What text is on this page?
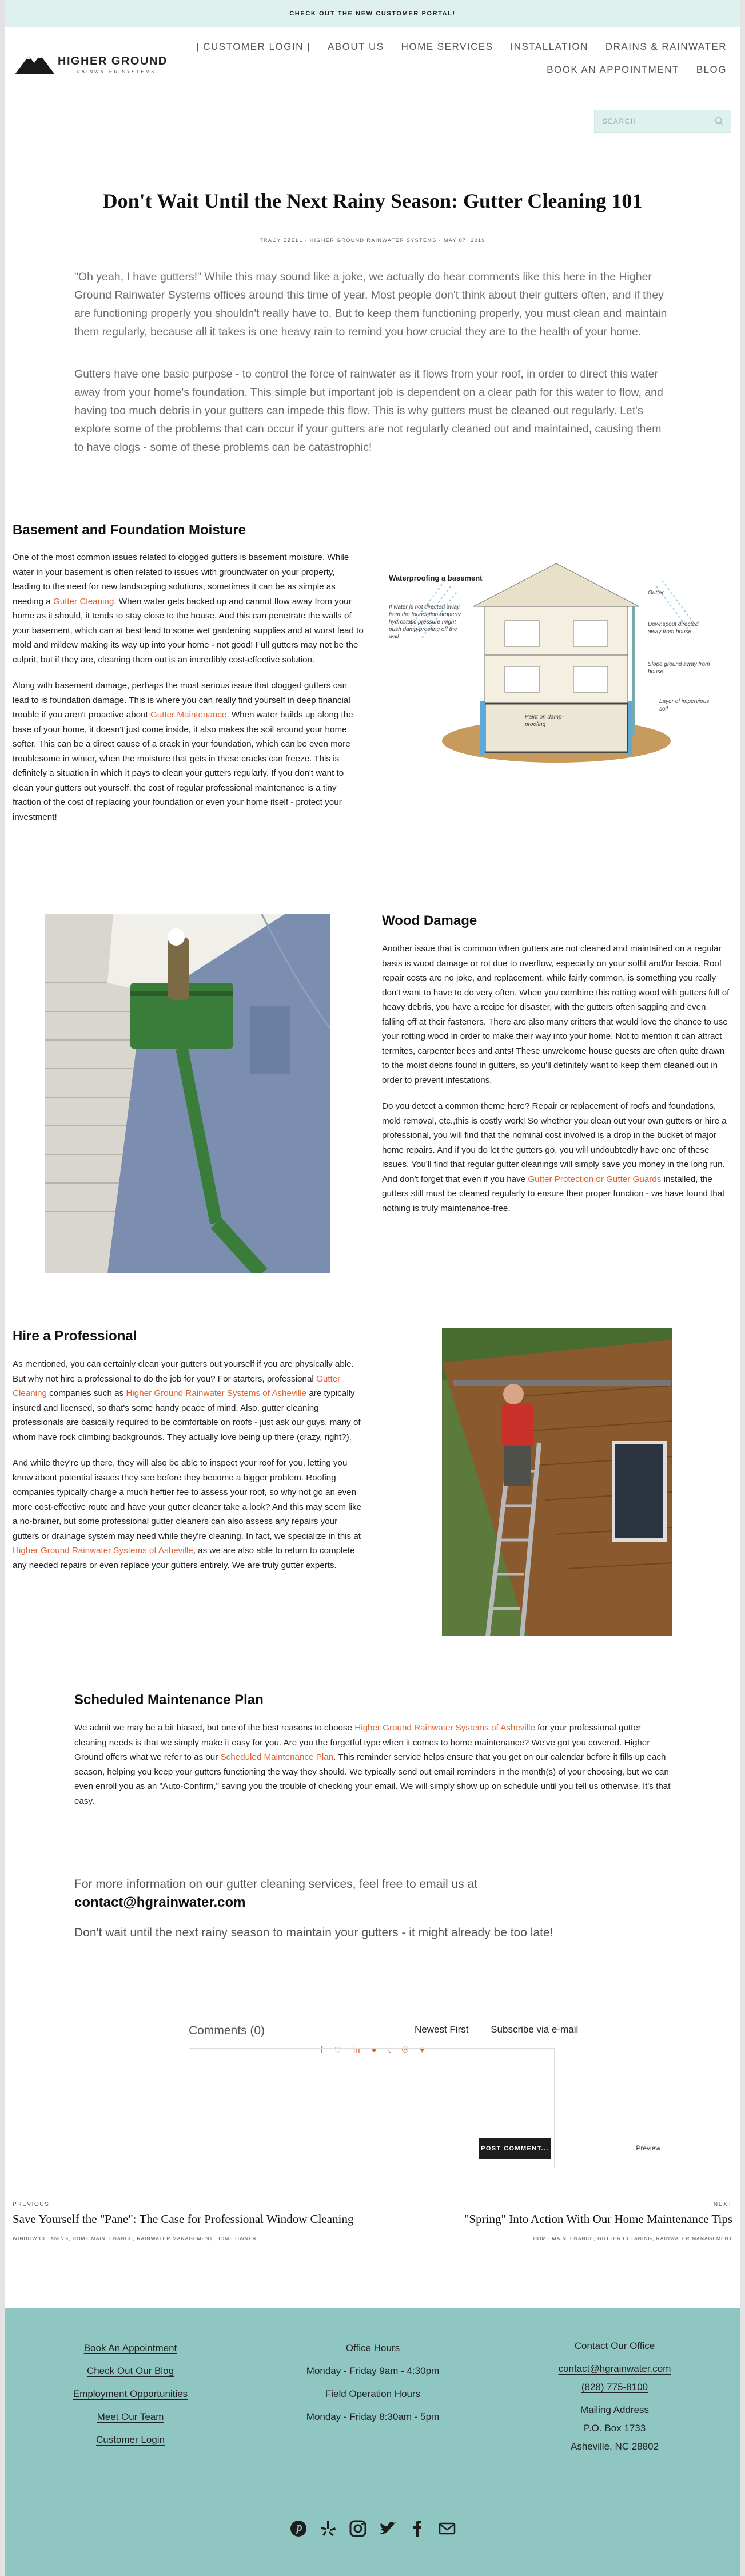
CHECK OUT THE NEW CUSTOMER PORTAL!
HIGHER GROUND
RAINWATER SYSTEMS
| CUSTOMER LOGIN | ABOUT US HOME SERVICES INSTALLATION DRAINS & RAINWATER
BOOK AN APPOINTMENT BLOG
SEARCH
Don't Wait Until the Next Rainy Season: Gutter Cleaning 101
TRACY EZELL · HIGHER GROUND RAINWATER SYSTEMS · MAY 07, 2019

"Oh yeah, I have gutters!" While this may sound like a joke, we actually do hear comments like this here in the Higher Ground Rainwater Systems offices around this time of year. Most people don't think about their gutters often, and if they are functioning properly you shouldn't really have to. But to keep them functioning properly, you must clean and maintain them regularly, because all it takes is one heavy rain to remind you how crucial they are to the health of your home.

Gutters have one basic purpose - to control the force of rainwater as it flows from your roof, in order to direct this water away from your home's foundation. This simple but important job is dependent on a clear path for this water to flow, and having too much debris in your gutters can impede this flow. This is why gutters must be cleaned out regularly. Let's explore some of the problems that can occur if your gutters are not regularly cleaned out and maintained, causing them to have clogs - some of these problems can be catastrophic!

Basement and Foundation Moisture

One of the most common issues related to clogged gutters is basement moisture. While water in your basement is often related to issues with groundwater on your property, leading to the need for new landscaping solutions, sometimes it can be as simple as needing a Gutter Cleaning. When water gets backed up and cannot flow away from your home as it should, it tends to stay close to the house. And this can penetrate the walls of your basement, which can at best lead to some wet gardening supplies and at worst lead to mold and mildew making its way up into your home - not good! Full gutters may not be the culprit, but if they are, cleaning them out is an incredibly cost-effective solution.

Along with basement damage, perhaps the most serious issue that clogged gutters can lead to is foundation damage. This is where you can really find yourself in deep financial trouble if you aren't proactive about Gutter Maintenance. When water builds up along the base of your home, it doesn't just come inside, it also makes the soil around your home softer. This can be a direct cause of a crack in your foundation, which can be even more troublesome in winter, when the moisture that gets in these cracks can freeze. This is definitely a situation in which it pays to clean your gutters regularly. If you don't want to clean your gutters out yourself, the cost of regular professional maintenance is a tiny fraction of the cost of replacing your foundation or even your home itself - protect your investment!

Waterproofing a basement
If water is not directed away from the foundation property hydrostatic pressure might push damp-proofing off the wall.
Gutter
Downspout directed away from house
Slope ground away from house.
Paint on damp-proofing
Layer of impervious soil
Wood Damage

Another issue that is common when gutters are not cleaned and maintained on a regular basis is wood damage or rot due to overflow, especially on your soffit and/or fascia. Roof repair costs are no joke, and replacement, while fairly common, is something you really don't want to have to do very often. When you combine this rotting wood with gutters full of heavy debris, you have a recipe for disaster, with the gutters often sagging and even falling off at their fasteners. There are also many critters that would love the chance to use your rotting wood in order to make their way into your home. Not to mention it can attract termites, carpenter bees and ants! These unwelcome house guests are often quite drawn to the moist debris found in gutters, so you'll definitely want to keep them cleaned out in order to prevent infestations.

Do you detect a common theme here? Repair or replacement of roofs and foundations, mold removal, etc.,this is costly work! So whether you clean out your own gutters or hire a professional, you will find that the nominal cost involved is a drop in the bucket of major home repairs. And if you do let the gutters go, you will undoubtedly have one of these issues. You'll find that regular gutter cleanings will simply save you money in the long run. And don't forget that even if you have Gutter Protection or Gutter Guards installed, the gutters still must be cleaned regularly to ensure their proper function - we have found that nothing is truly maintenance-free.

Hire a Professional

As mentioned, you can certainly clean your gutters out yourself if you are physically able. But why not hire a professional to do the job for you? For starters, professional Gutter Cleaning companies such as Higher Ground Rainwater Systems of Asheville are typically insured and licensed, so that's some handy peace of mind. Also, gutter cleaning professionals are basically required to be comfortable on roofs - just ask our guys, many of whom have rock climbing backgrounds. They actually love being up there (crazy, right?).

And while they're up there, they will also be able to inspect your roof for you, letting you know about potential issues they see before they become a bigger problem. Roofing companies typically charge a much heftier fee to assess your roof, so why not go an even more cost-effective route and have your gutter cleaner take a look? And this may seem like a no-brainer, but some professional gutter cleaners can also assess any repairs your gutters or drainage system may need while they're cleaning. In fact, we specialize in this at Higher Ground Rainwater Systems of Asheville, as we are also able to return to complete any needed repairs or even replace your gutters entirely. We are truly gutter experts.

Scheduled Maintenance Plan

We admit we may be a bit biased, but one of the best reasons to choose Higher Ground Rainwater Systems of Asheville for your professional gutter cleaning needs is that we simply make it easy for you. Are you the forgetful type when it comes to home maintenance? We've got you covered. Higher Ground offers what we refer to as our Scheduled Maintenance Plan. This reminder service helps ensure that you get on our calendar before it fills up each season, helping you keep your gutters functioning the way they should. We typically send out email reminders in the month(s) of your choosing, but we can even enroll you as an "Auto-Confirm," saving you the trouble of checking your email. We will simply show up on schedule until you tell us otherwise. It's that easy.

For more information on our gutter cleaning services, feel free to email us at

contact@hgrainwater.com

Don't wait until the next rainy season to maintain your gutters - it might already be too late!

f ♡ in ● t ℗ ♥
Comments (0)	Newest First Subscribe via e-mail
Preview
POST COMMENT...
PREVIOUS
Save Yourself the "Pane": The Case for Professional Window Cleaning
WINDOW CLEANING, HOME MAINTENANCE, RAINWATER MANAGEMENT, HOME OWNER
NEXT
"Spring" Into Action With Our Home Maintenance Tips
HOME MAINTENANCE, GUTTER CLEANING, RAINWATER MANAGEMENT
Book An Appointment
Check Out Our Blog
Employment Opportunities
Meet Our Team
Customer Login
Office Hours
Monday - Friday 9am - 4:30pm
Field Operation Hours
Monday - Friday 8:30am - 5pm
Contact Our Office
contact@hgrainwater.com
(828) 775-8100
Mailing Address
P.O. Box 1733
Asheville, NC 28802
